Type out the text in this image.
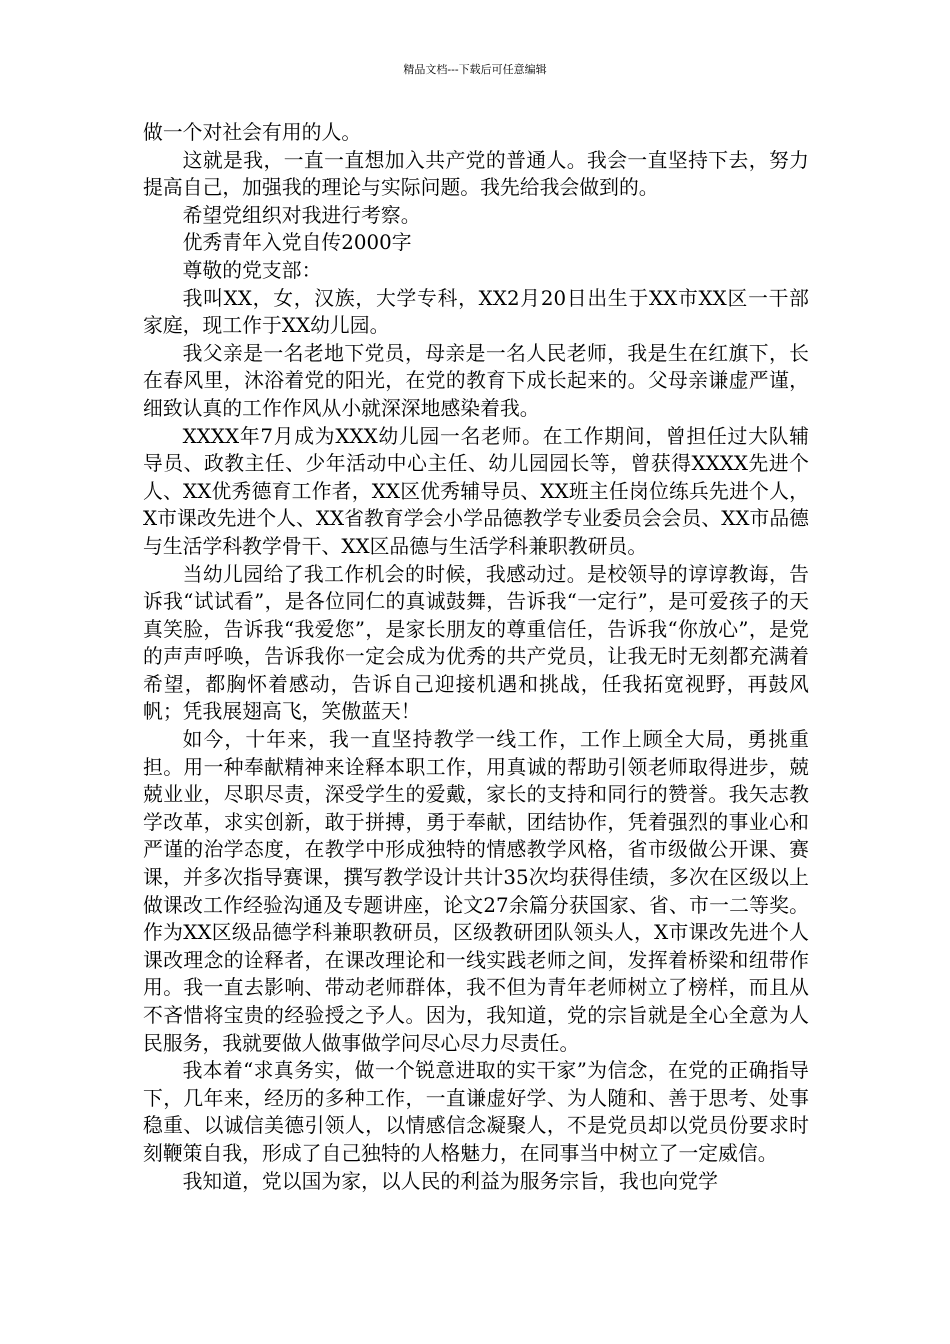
精品文档---下载后可任意编辑

做一个对社会有用的人。

这就是我，一直一直想加入共产党的普通人。我会一直坚持下去，努力提高自己，加强我的理论与实际问题。我先给我会做到的。

希望党组织对我进行考察。

优秀青年入党自传2000字

尊敬的党支部：

我叫XX，女，汉族，大学专科，XX2月20日出生于XX市XX区一干部家庭，现工作于XX幼儿园。

我父亲是一名老地下党员，母亲是一名人民老师，我是生在红旗下，长在春风里，沐浴着党的阳光，在党的教育下成长起来的。父母亲谦虚严谨，细致认真的工作作风从小就深深地感染着我。

XXXX年7月成为XXX幼儿园一名老师。在工作期间，曾担任过大队辅导员、政教主任、少年活动中心主任、幼儿园园长等，曾获得XXXX先进个人、XX优秀德育工作者，XX区优秀辅导员、XX班主任岗位练兵先进个人，X市课改先进个人、XX省教育学会小学品德教学专业委员会会员、XX市品德与生活学科教学骨干、XX区品德与生活学科兼职教研员。

当幼儿园给了我工作机会的时候，我感动过。是校领导的谆谆教诲，告诉我“试试看”，是各位同仁的真诚鼓舞，告诉我“一定行”，是可爱孩子的天真笑脸，告诉我“我爱您”，是家长朋友的尊重信任，告诉我“你放心”，是党的声声呼唤，告诉我你一定会成为优秀的共产党员，让我无时无刻都充满着希望，都胸怀着感动，告诉自己迎接机遇和挑战，任我拓宽视野，再鼓风帆；凭我展翅高飞，笑傲蓝天！

如今，十年来，我一直坚持教学一线工作，工作上顾全大局，勇挑重担。用一种奉献精神来诠释本职工作，用真诚的帮助引领老师取得进步，兢兢业业，尽职尽责，深受学生的爱戴，家长的支持和同行的赞誉。我矢志教学改革，求实创新，敢于拼搏，勇于奉献，团结协作，凭着强烈的事业心和严谨的治学态度，在教学中形成独特的情感教学风格，省市级做公开课、赛课，并多次指导赛课，撰写教学设计共计35次均获得佳绩，多次在区级以上做课改工作经验沟通及专题讲座，论文27余篇分获国家、省、市一二等奖。作为XX区级品德学科兼职教研员，区级教研团队领头人，X市课改先进个人课改理念的诠释者，在课改理论和一线实践老师之间，发挥着桥梁和纽带作用。我一直去影响、带动老师群体，我不但为青年老师树立了榜样，而且从不吝惜将宝贵的经验授之予人。因为，我知道，党的宗旨就是全心全意为人民服务，我就要做人做事做学问尽心尽力尽责任。

我本着“求真务实，做一个锐意进取的实干家”为信念，在党的正确指导下，几年来，经历的多种工作，一直谦虚好学、为人随和、善于思考、处事稳重、以诚信美德引领人，以情感信念凝聚人，不是党员却以党员份要求时刻鞭策自我，形成了自己独特的人格魅力，在同事当中树立了一定威信。

我知道，党以国为家，以人民的利益为服务宗旨，我也向党学
